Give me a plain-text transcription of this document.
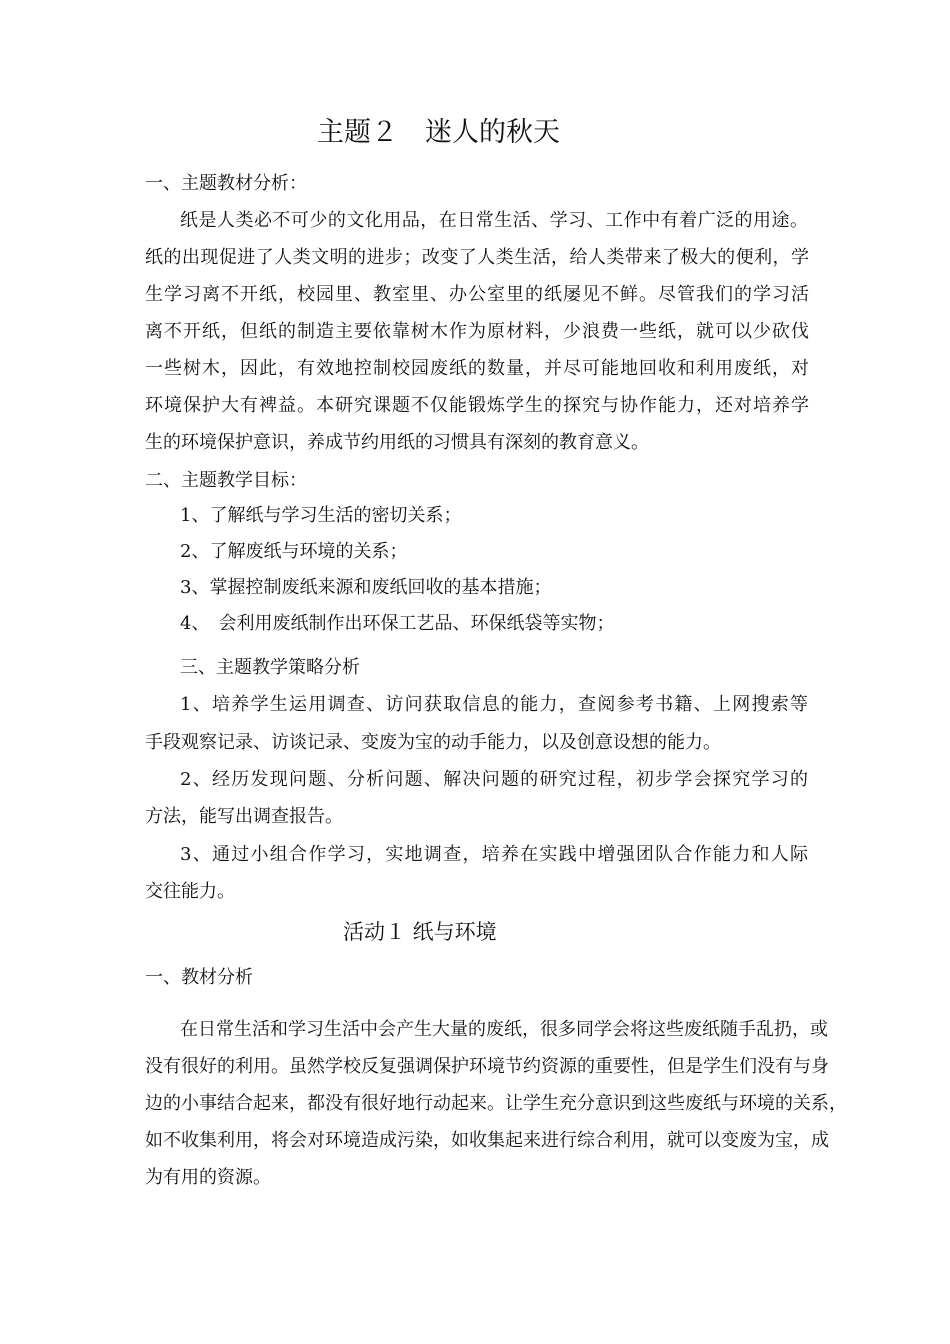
主题２　迷人的秋天
一、主题教材分析：
纸是人类必不可少的文化用品，在日常生活、学习、工作中有着广泛的用途。
纸的出现促进了人类文明的进步；改变了人类生活，给人类带来了极大的便利，学
生学习离不开纸，校园里、教室里、办公室里的纸屡见不鲜。尽管我们的学习活
离不开纸，但纸的制造主要依靠树木作为原材料，少浪费一些纸，就可以少砍伐
一些树木，因此，有效地控制校园废纸的数量，并尽可能地回收和利用废纸，对
环境保护大有裨益。本研究课题不仅能锻炼学生的探究与协作能力，还对培养学
生的环境保护意识，养成节约用纸的习惯具有深刻的教育意义。
二、主题教学目标：
1、了解纸与学习生活的密切关系；
2、了解废纸与环境的关系；
3、掌握控制废纸来源和废纸回收的基本措施；
4、　会利用废纸制作出环保工艺品、环保纸袋等实物；
三、主题教学策略分析
1、培养学生运用调查、访问获取信息的能力，查阅参考书籍、上网搜索等
手段观察记录、访谈记录、变废为宝的动手能力，以及创意设想的能力。
2、经历发现问题、分析问题、解决问题的研究过程，初步学会探究学习的
方法，能写出调查报告。
3、通过小组合作学习，实地调查，培养在实践中增强团队合作能力和人际
交往能力。
活动１ 纸与环境
一、教材分析
在日常生活和学习生活中会产生大量的废纸，很多同学会将这些废纸随手乱扔，或
没有很好的利用。虽然学校反复强调保护环境节约资源的重要性，但是学生们没有与身
边的小事结合起来，都没有很好地行动起来。让学生充分意识到这些废纸与环境的关系，
如不收集利用，将会对环境造成污染，如收集起来进行综合利用，就可以变废为宝，成
为有用的资源。
